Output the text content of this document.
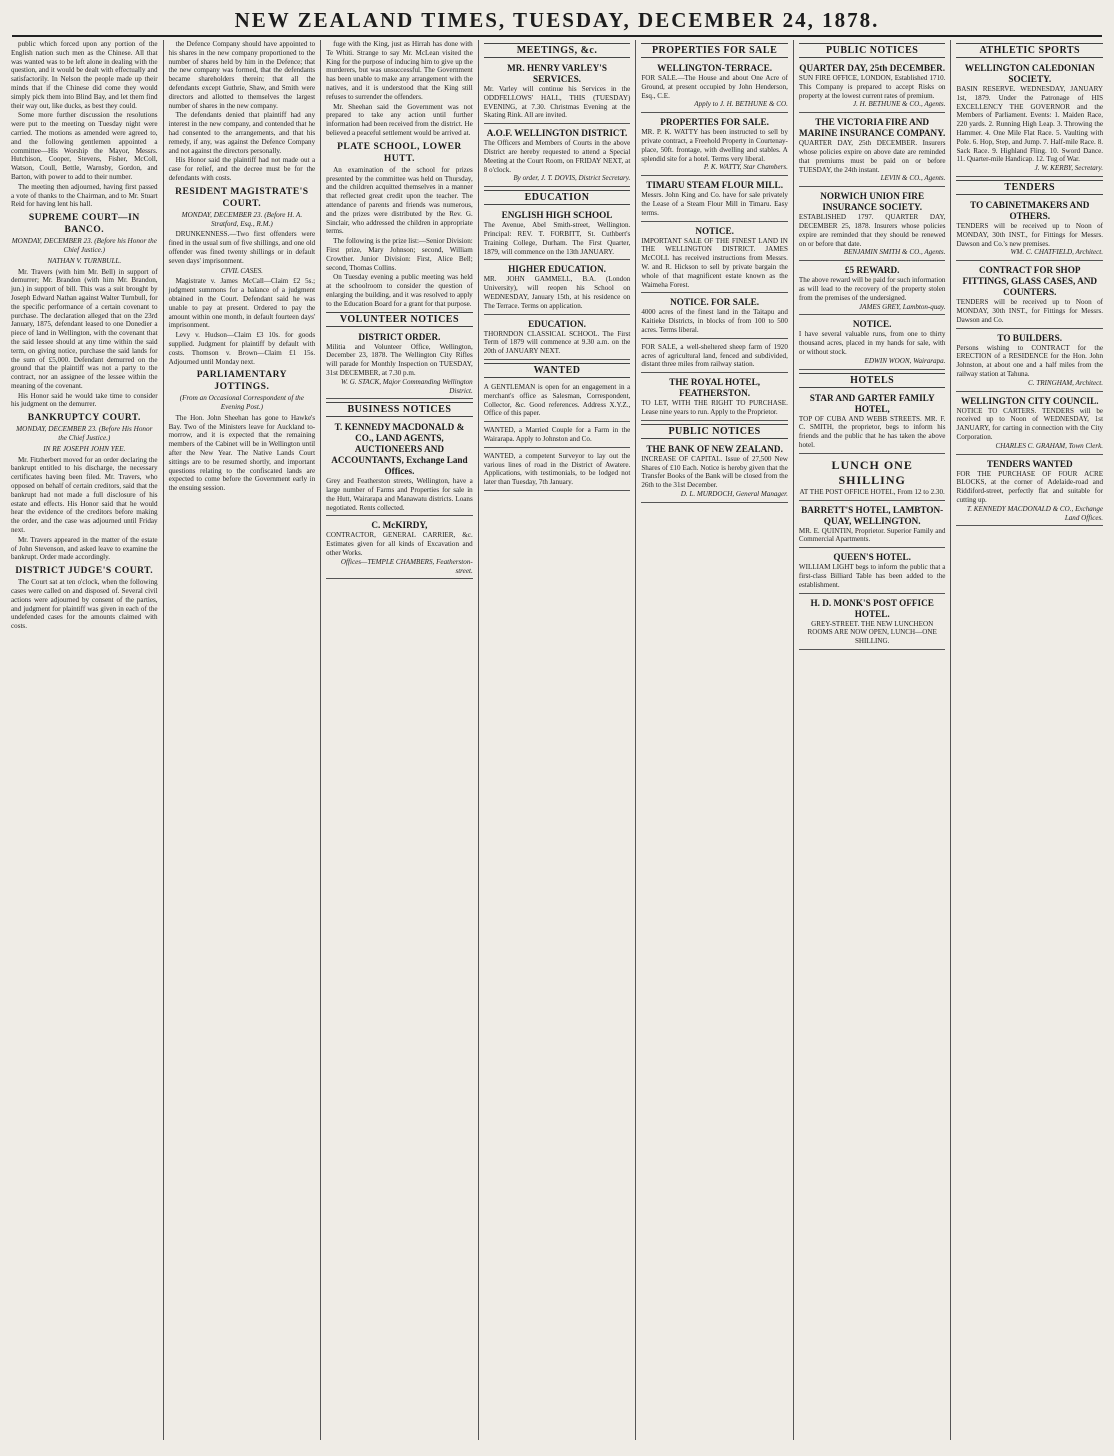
NEW ZEALAND TIMES, TUESDAY, DECEMBER 24, 1878.

public which forced upon any portion of the English nation such men as the Chinese. All that was wanted was to be left alone in dealing with the question, and it would be dealt with effectually and satisfactorily. In Nelson the people made up their minds that if the Chinese did come they would simply pick them into Blind Bay, and let them find their way out, like ducks, as best they could.

Some more further discussion the resolutions were put to the meeting on Tuesday night were carried. The motions as amended were agreed to, and the following gentlemen appointed a committee—His Worship the Mayor, Messrs. Hutchison, Cooper, Stevens, Fisher, McColl, Watson, Coull, Bettle, Warnsby, Gordon, and Barton, with power to add to their number.

The meeting then adjourned, having first passed a vote of thanks to the Chairman, and to Mr. Stuart Reid for having lent his hall.

SUPREME COURT—IN BANCO.
MONDAY, DECEMBER 23. (Before his Honor the Chief Justice.)
NATHAN V. TURNBULL.

Mr. Travers (with him Mr. Bell) in support of demurrer; Mr. Brandon (with him Mr. Brandon, jun.) in support of bill. This was a suit brought by Joseph Edward Nathan against Walter Turnbull, for the specific performance of a certain covenant to purchase. The declaration alleged that on the 23rd January, 1875, defendant leased to one Donedier a piece of land in Wellington, with the covenant that the said lessee should at any time within the said term, on giving notice, purchase the said lands for the sum of £5,000. Defendant demurred on the ground that the plaintiff was not a party to the contract, nor an assignee of the lessee within the meaning of the covenant.

His Honor said he would take time to consider his judgment on the demurrer.

BANKRUPTCY COURT.
MONDAY, DECEMBER 23. (Before His Honor the Chief Justice.)
IN RE JOSEPH JOHN YEE.

Mr. Fitzherbert moved for an order declaring the bankrupt entitled to his discharge, the necessary certificates having been filed. Mr. Travers, who opposed on behalf of certain creditors, said that the bankrupt had not made a full disclosure of his estate and effects. His Honor said that he would hear the evidence of the creditors before making the order, and the case was adjourned until Friday next.

Mr. Travers appeared in the matter of the estate of John Stevenson, and asked leave to examine the bankrupt. Order made accordingly.

DISTRICT JUDGE'S COURT.

The Court sat at ten o'clock, when the following cases were called on and disposed of. Several civil actions were adjourned by consent of the parties, and judgment for plaintiff was given in each of the undefended cases for the amounts claimed with costs.

the Defence Company should have appointed to his shares in the new company proportioned to the number of shares held by him in the Defence; that the new company was formed, that the defendants became shareholders therein; that all the defendants except Guthrie, Shaw, and Smith were directors and allotted to themselves the largest number of shares in the new company.

The defendants denied that plaintiff had any interest in the new company, and contended that he had consented to the arrangements, and that his remedy, if any, was against the Defence Company and not against the directors personally.

His Honor said the plaintiff had not made out a case for relief, and the decree must be for the defendants with costs.

RESIDENT MAGISTRATE'S COURT.
MONDAY, DECEMBER 23. (Before H. A. Stratford, Esq., R.M.)

DRUNKENNESS.—Two first offenders were fined in the usual sum of five shillings, and one old offender was fined twenty shillings or in default seven days' imprisonment.

CIVIL CASES.

Magistrate v. James McCall—Claim £2 5s.; judgment summons for a balance of a judgment obtained in the Court. Defendant said he was unable to pay at present. Ordered to pay the amount within one month, in default fourteen days' imprisonment.

Levy v. Hudson—Claim £3 10s. for goods supplied. Judgment for plaintiff by default with costs. Thomson v. Brown—Claim £1 15s. Adjourned until Monday next.

PARLIAMENTARY JOTTINGS.
(From an Occasional Correspondent of the Evening Post.)

The Hon. John Sheehan has gone to Hawke's Bay. Two of the Ministers leave for Auckland to-morrow, and it is expected that the remaining members of the Cabinet will be in Wellington until after the New Year. The Native Lands Court sittings are to be resumed shortly, and important questions relating to the confiscated lands are expected to come before the Government early in the ensuing session.

fuge with the King, just as Hirrah has done with Te Whiti. Strange to say Mr. McLean visited the King for the purpose of inducing him to give up the murderers, but was unsuccessful. The Government has been unable to make any arrangement with the natives, and it is understood that the King still refuses to surrender the offenders.

Mr. Sheehan said the Government was not prepared to take any action until further information had been received from the district. He believed a peaceful settlement would be arrived at.

PLATE SCHOOL, LOWER HUTT.

An examination of the school for prizes presented by the committee was held on Thursday, and the children acquitted themselves in a manner that reflected great credit upon the teacher. The attendance of parents and friends was numerous, and the prizes were distributed by the Rev. G. Sinclair, who addressed the children in appropriate terms.

The following is the prize list:—Senior Division: First prize, Mary Johnson; second, William Crowther. Junior Division: First, Alice Bell; second, Thomas Collins.

On Tuesday evening a public meeting was held at the schoolroom to consider the question of enlarging the building, and it was resolved to apply to the Education Board for a grant for that purpose.

VOLUNTEER NOTICES
DISTRICT ORDER.
Militia and Volunteer Office, Wellington, December 23, 1878. The Wellington City Rifles will parade for Monthly Inspection on TUESDAY, 31st DECEMBER, at 7.30 p.m.
W. G. STACK, Major Commanding Wellington District.
BUSINESS NOTICES
T. KENNEDY MACDONALD & CO., LAND AGENTS, AUCTIONEERS AND ACCOUNTANTS, Exchange Land Offices.
Grey and Featherston streets, Wellington, have a large number of Farms and Properties for sale in the Hutt, Wairarapa and Manawatu districts. Loans negotiated. Rents collected.
C. McKIRDY,
CONTRACTOR, GENERAL CARRIER, &c. Estimates given for all kinds of Excavation and other Works.
Offices—TEMPLE CHAMBERS, Featherston-street.
MEETINGS, &c.
MR. HENRY VARLEY'S SERVICES.
Mr. Varley will continue his Services in the ODDFELLOWS' HALL, THIS (TUESDAY) EVENING, at 7.30. Christmas Evening at the Skating Rink. All are invited.
A.O.F. WELLINGTON DISTRICT.
The Officers and Members of Courts in the above District are hereby requested to attend a Special Meeting at the Court Room, on FRIDAY NEXT, at 8 o'clock.
By order, J. T. DOVIS, District Secretary.
EDUCATION
ENGLISH HIGH SCHOOL
The Avenue, Abel Smith-street, Wellington. Principal: REV. T. FORBITT, St. Cuthbert's Training College, Durham. The First Quarter, 1879, will commence on the 13th JANUARY.
HIGHER EDUCATION.
MR. JOHN GAMMELL, B.A. (London University), will reopen his School on WEDNESDAY, January 15th, at his residence on The Terrace. Terms on application.
EDUCATION.
THORNDON CLASSICAL SCHOOL. The First Term of 1879 will commence at 9.30 a.m. on the 20th of JANUARY NEXT.
WANTED
A GENTLEMAN is open for an engagement in a merchant's office as Salesman, Correspondent, Collector, &c. Good references. Address X.Y.Z., Office of this paper.
WANTED, a Married Couple for a Farm in the Wairarapa. Apply to Johnston and Co.
WANTED, a competent Surveyor to lay out the various lines of road in the District of Awatere. Applications, with testimonials, to be lodged not later than Tuesday, 7th January.
PROPERTIES FOR SALE
WELLINGTON-TERRACE.
FOR SALE.—The House and about One Acre of Ground, at present occupied by John Henderson, Esq., C.E.
Apply to J. H. BETHUNE & CO.
PROPERTIES FOR SALE.
MR. P. K. WATTY has been instructed to sell by private contract, a Freehold Property in Courtenay-place, 50ft. frontage, with dwelling and stables. A splendid site for a hotel. Terms very liberal.
P. K. WATTY, Star Chambers.
TIMARU STEAM FLOUR MILL.
Messrs. John King and Co. have for sale privately the Lease of a Steam Flour Mill in Timaru. Easy terms.
NOTICE.
IMPORTANT SALE OF THE FINEST LAND IN THE WELLINGTON DISTRICT. JAMES McCOLL has received instructions from Messrs. W. and R. Hickson to sell by private bargain the whole of that magnificent estate known as the Waimeha Forest.
NOTICE. FOR SALE.
4000 acres of the finest land in the Taitapu and Kaitieke Districts, in blocks of from 100 to 500 acres. Terms liberal.
FOR SALE, a well-sheltered sheep farm of 1920 acres of agricultural land, fenced and subdivided, distant three miles from railway station.
THE ROYAL HOTEL, FEATHERSTON.
TO LET, WITH THE RIGHT TO PURCHASE. Lease nine years to run. Apply to the Proprietor.
PUBLIC NOTICES
THE BANK OF NEW ZEALAND.
INCREASE OF CAPITAL. Issue of 27,500 New Shares of £10 Each. Notice is hereby given that the Transfer Books of the Bank will be closed from the 26th to the 31st December.
D. L. MURDOCH, General Manager.
PUBLIC NOTICES
QUARTER DAY, 25th DECEMBER.
SUN FIRE OFFICE, LONDON, Established 1710. This Company is prepared to accept Risks on property at the lowest current rates of premium.
J. H. BETHUNE & CO., Agents.
THE VICTORIA FIRE AND MARINE INSURANCE COMPANY.
QUARTER DAY, 25th DECEMBER. Insurers whose policies expire on above date are reminded that premiums must be paid on or before TUESDAY, the 24th instant.
LEVIN & CO., Agents.
NORWICH UNION FIRE INSURANCE SOCIETY.
ESTABLISHED 1797. QUARTER DAY, DECEMBER 25, 1878. Insurers whose policies expire are reminded that they should be renewed on or before that date.
BENJAMIN SMITH & CO., Agents.
£5 REWARD.
The above reward will be paid for such information as will lead to the recovery of the property stolen from the premises of the undersigned.
JAMES GREY, Lambton-quay.
NOTICE.
I have several valuable runs, from one to thirty thousand acres, placed in my hands for sale, with or without stock.
EDWIN WOON, Wairarapa.
HOTELS
STAR AND GARTER FAMILY HOTEL,
TOP OF CUBA AND WEBB STREETS. MR. F. C. SMITH, the proprietor, begs to inform his friends and the public that he has taken the above hotel.
LUNCH ONE SHILLING
AT THE POST OFFICE HOTEL, From 12 to 2.30.
BARRETT'S HOTEL, LAMBTON-QUAY, WELLINGTON.
MR. E. QUINTIN, Proprietor. Superior Family and Commercial Apartments.
QUEEN'S HOTEL.
WILLIAM LIGHT begs to inform the public that a first-class Billiard Table has been added to the establishment.
H. D. MONK'S POST OFFICE HOTEL.
GREY-STREET. THE NEW LUNCHEON ROOMS ARE NOW OPEN, LUNCH—ONE SHILLING.
ATHLETIC SPORTS
WELLINGTON CALEDONIAN SOCIETY.
BASIN RESERVE. WEDNESDAY, JANUARY 1st, 1879. Under the Patronage of HIS EXCELLENCY THE GOVERNOR and the Members of Parliament. Events: 1. Maiden Race, 220 yards. 2. Running High Leap. 3. Throwing the Hammer. 4. One Mile Flat Race. 5. Vaulting with Pole. 6. Hop, Step, and Jump. 7. Half-mile Race. 8. Sack Race. 9. Highland Fling. 10. Sword Dance. 11. Quarter-mile Handicap. 12. Tug of War.
J. W. KERBY, Secretary.
TENDERS
TO CABINETMAKERS AND OTHERS.
TENDERS will be received up to Noon of MONDAY, 30th INST., for Fittings for Messrs. Dawson and Co.'s new premises.
WM. C. CHATFIELD, Architect.
CONTRACT FOR SHOP FITTINGS, GLASS CASES, AND COUNTERS.
TENDERS will be received up to Noon of MONDAY, 30th INST., for Fittings for Messrs. Dawson and Co.
TO BUILDERS.
Persons wishing to CONTRACT for the ERECTION of a RESIDENCE for the Hon. John Johnston, at about one and a half miles from the railway station at Tahuna.
C. TRINGHAM, Architect.
WELLINGTON CITY COUNCIL.
NOTICE TO CARTERS. TENDERS will be received up to Noon of WEDNESDAY, 1st JANUARY, for carting in connection with the City Corporation.
CHARLES C. GRAHAM, Town Clerk.
TENDERS WANTED
FOR THE PURCHASE OF FOUR ACRE BLOCKS, at the corner of Adelaide-road and Riddiford-street, perfectly flat and suitable for cutting up.
T. KENNEDY MACDONALD & CO., Exchange Land Offices.
